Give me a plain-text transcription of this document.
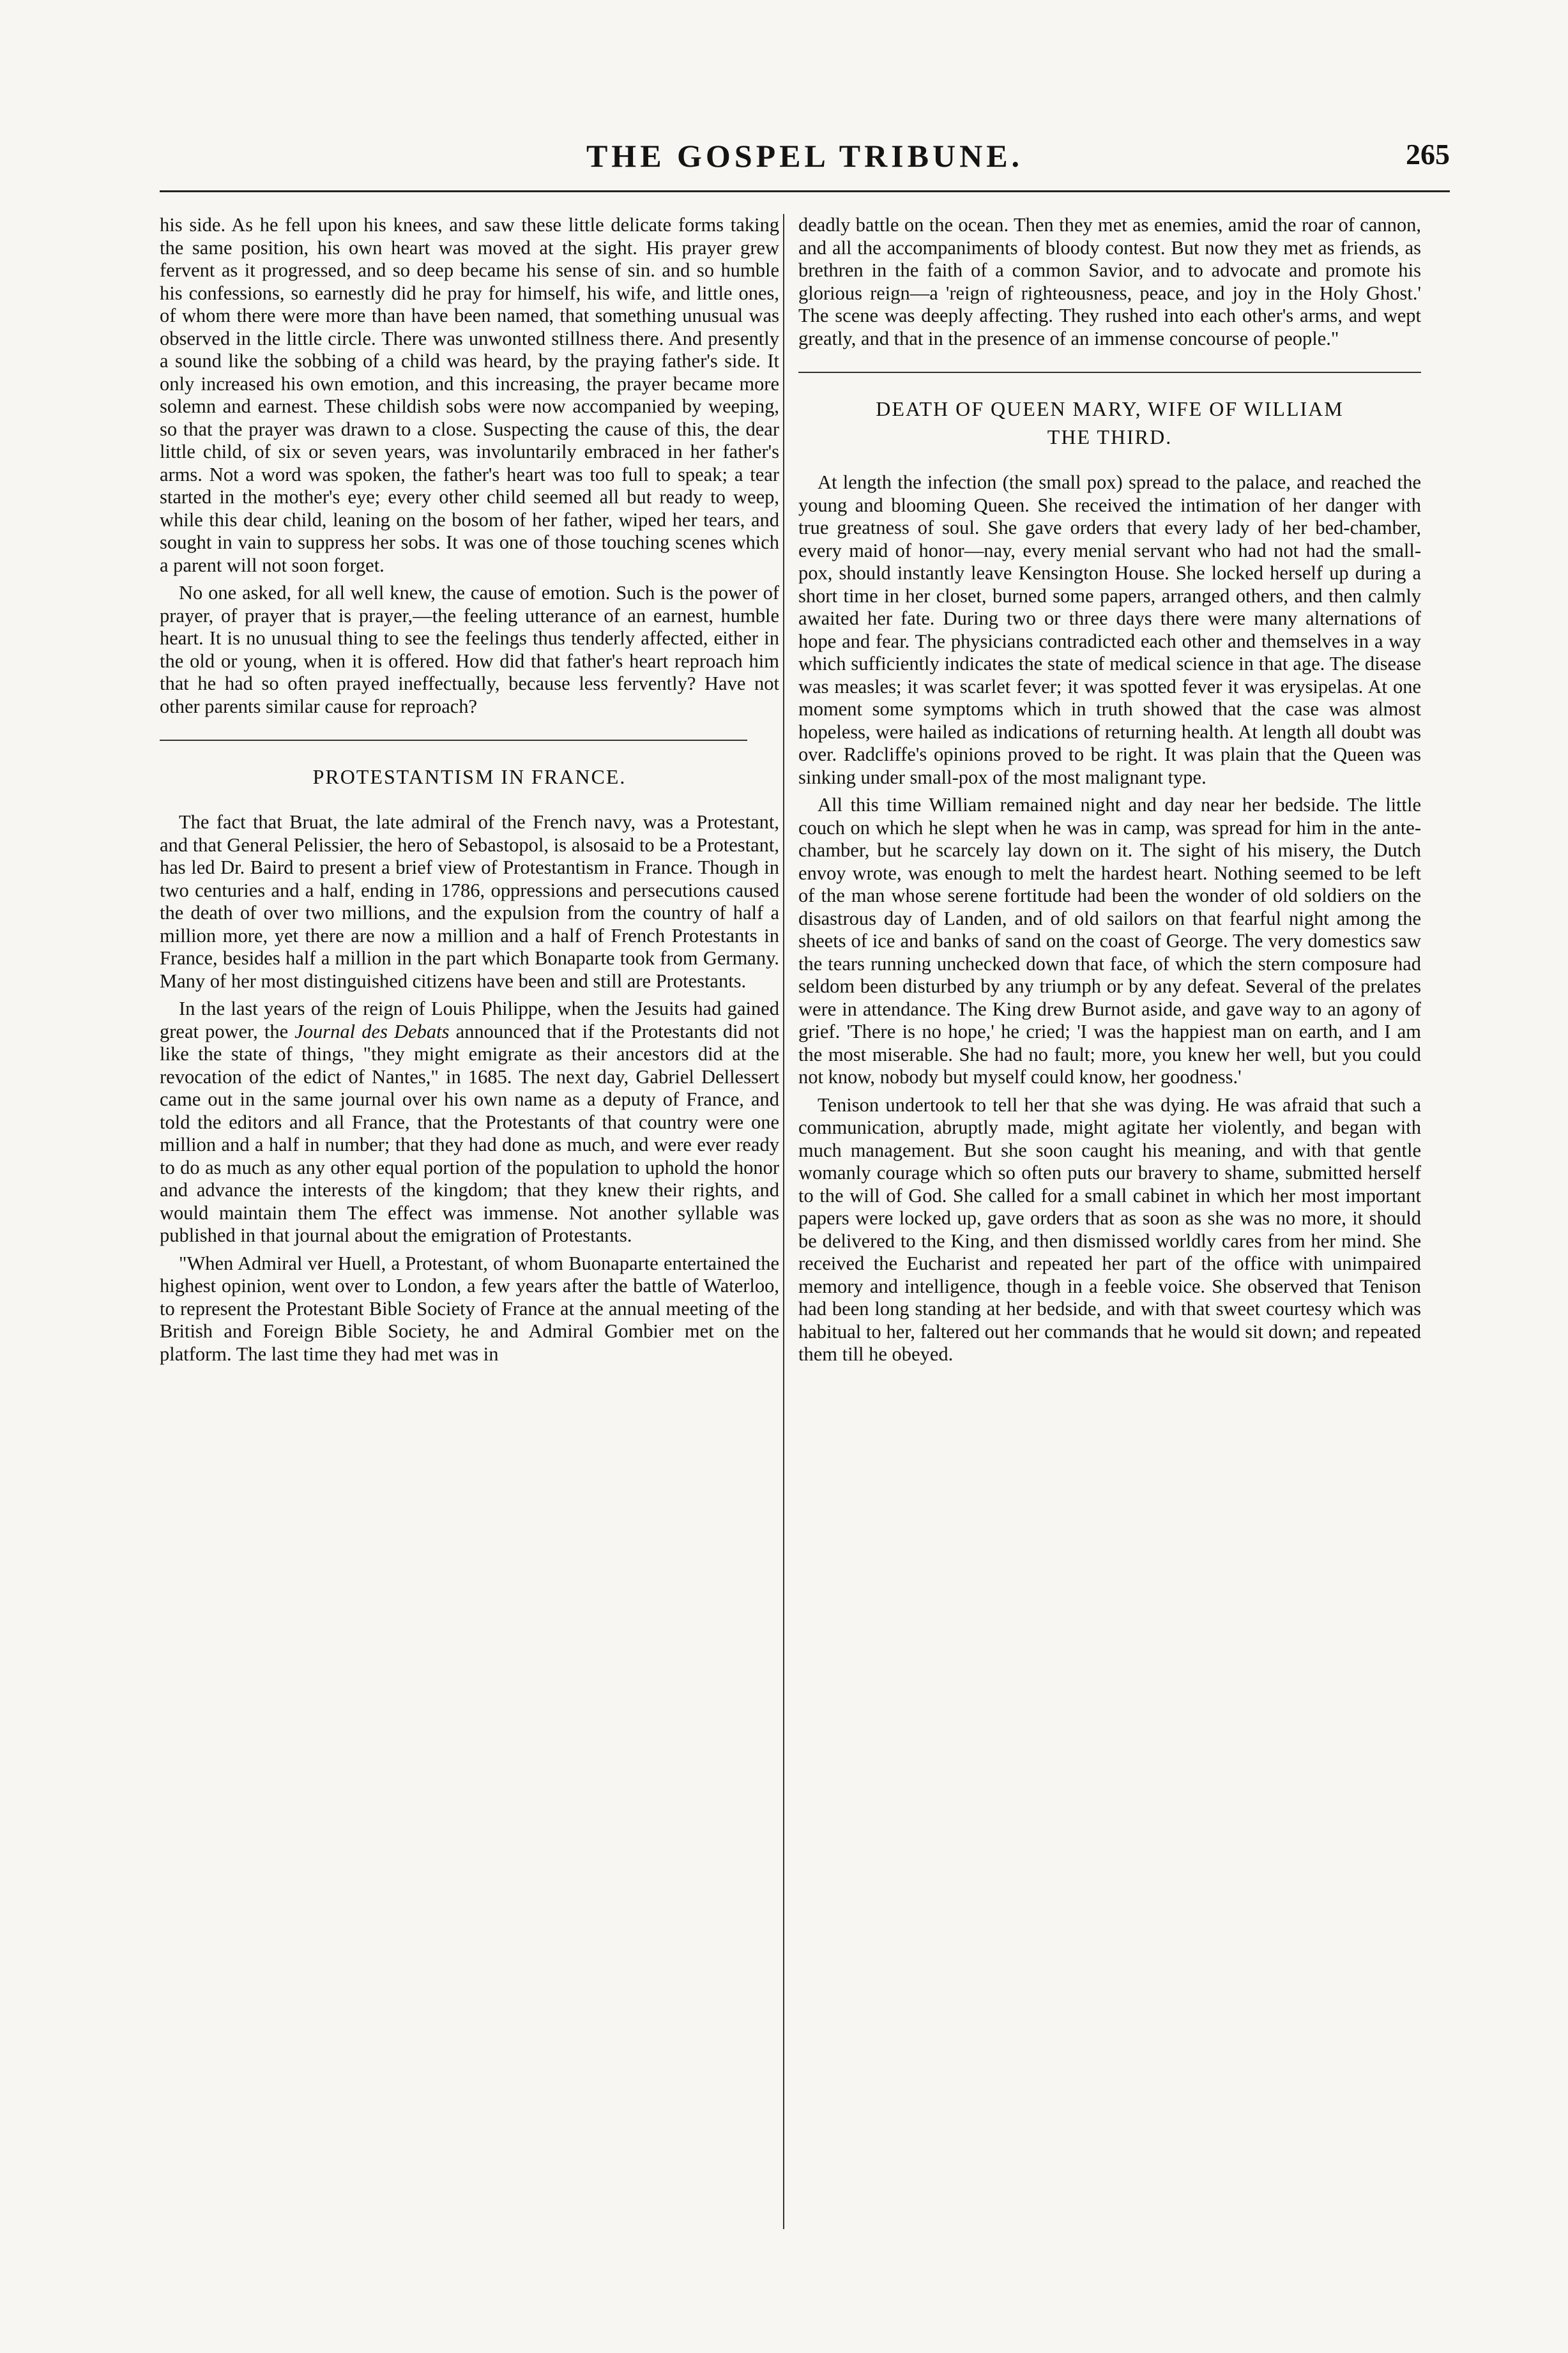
THE GOSPEL TRIBUNE.	265

his side. As he fell upon his knees, and saw these little delicate forms taking the same position, his own heart was moved at the sight. His prayer grew fervent as it progressed, and so deep became his sense of sin. and so humble his confessions, so earnestly did he pray for himself, his wife, and little ones, of whom there were more than have been named, that something unusual was observed in the little circle. There was unwonted stillness there. And presently a sound like the sobbing of a child was heard, by the praying father's side. It only increased his own emotion, and this increasing, the prayer became more solemn and earnest. These childish sobs were now accompanied by weeping, so that the prayer was drawn to a close. Suspecting the cause of this, the dear little child, of six or seven years, was involuntarily embraced in her father's arms. Not a word was spoken, the father's heart was too full to speak; a tear started in the mother's eye; every other child seemed all but ready to weep, while this dear child, leaning on the bosom of her father, wiped her tears, and sought in vain to suppress her sobs. It was one of those touching scenes which a parent will not soon forget.

No one asked, for all well knew, the cause of emotion. Such is the power of prayer, of prayer that is prayer,—the feeling utterance of an earnest, humble heart. It is no unusual thing to see the feelings thus tenderly affected, either in the old or young, when it is offered. How did that father's heart reproach him that he had so often prayed ineffectually, because less fervently? Have not other parents similar cause for reproach?

PROTESTANTISM IN FRANCE.

The fact that Bruat, the late admiral of the French navy, was a Protestant, and that General Pelissier, the hero of Sebastopol, is alsosaid to be a Protestant, has led Dr. Baird to present a brief view of Protestantism in France. Though in two centuries and a half, ending in 1786, oppressions and persecutions caused the death of over two millions, and the expulsion from the country of half a million more, yet there are now a million and a half of French Protestants in France, besides half a million in the part which Bonaparte took from Germany. Many of her most distinguished citizens have been and still are Protestants.

In the last years of the reign of Louis Philippe, when the Jesuits had gained great power, the Journal des Debats announced that if the Protestants did not like the state of things, "they might emigrate as their ancestors did at the revocation of the edict of Nantes," in 1685. The next day, Gabriel Dellessert came out in the same journal over his own name as a deputy of France, and told the editors and all France, that the Protestants of that country were one million and a half in number; that they had done as much, and were ever ready to do as much as any other equal portion of the population to uphold the honor and advance the interests of the kingdom; that they knew their rights, and would maintain them The effect was immense. Not another syllable was published in that journal about the emigration of Protestants.

"When Admiral ver Huell, a Protestant, of whom Buonaparte entertained the highest opinion, went over to London, a few years after the battle of Waterloo, to represent the Protestant Bible Society of France at the annual meeting of the British and Foreign Bible Society, he and Admiral Gombier met on the platform. The last time they had met was in

deadly battle on the ocean. Then they met as enemies, amid the roar of cannon, and all the accompaniments of bloody contest. But now they met as friends, as brethren in the faith of a common Savior, and to advocate and promote his glorious reign—a 'reign of righteousness, peace, and joy in the Holy Ghost.' The scene was deeply affecting. They rushed into each other's arms, and wept greatly, and that in the presence of an immense concourse of people."

DEATH OF QUEEN MARY, WIFE OF WILLIAM
THE THIRD.

At length the infection (the small pox) spread to the palace, and reached the young and blooming Queen. She received the intimation of her danger with true greatness of soul. She gave orders that every lady of her bed-chamber, every maid of honor—nay, every menial servant who had not had the small-pox, should instantly leave Kensington House. She locked herself up during a short time in her closet, burned some papers, arranged others, and then calmly awaited her fate. During two or three days there were many alternations of hope and fear. The physicians contradicted each other and themselves in a way which sufficiently indicates the state of medical science in that age. The disease was measles; it was scarlet fever; it was spotted fever it was erysipelas. At one moment some symptoms which in truth showed that the case was almost hopeless, were hailed as indications of returning health. At length all doubt was over. Radcliffe's opinions proved to be right. It was plain that the Queen was sinking under small-pox of the most malignant type.

All this time William remained night and day near her bedside. The little couch on which he slept when he was in camp, was spread for him in the ante-chamber, but he scarcely lay down on it. The sight of his misery, the Dutch envoy wrote, was enough to melt the hardest heart. Nothing seemed to be left of the man whose serene fortitude had been the wonder of old soldiers on the disastrous day of Landen, and of old sailors on that fearful night among the sheets of ice and banks of sand on the coast of George. The very domestics saw the tears running unchecked down that face, of which the stern composure had seldom been disturbed by any triumph or by any defeat. Several of the prelates were in attendance. The King drew Burnot aside, and gave way to an agony of grief. 'There is no hope,' he cried; 'I was the happiest man on earth, and I am the most miserable. She had no fault; more, you knew her well, but you could not know, nobody but myself could know, her goodness.'

Tenison undertook to tell her that she was dying. He was afraid that such a communication, abruptly made, might agitate her violently, and began with much management. But she soon caught his meaning, and with that gentle womanly courage which so often puts our bravery to shame, submitted herself to the will of God. She called for a small cabinet in which her most important papers were locked up, gave orders that as soon as she was no more, it should be delivered to the King, and then dismissed worldly cares from her mind. She received the Eucharist and repeated her part of the office with unimpaired memory and intelligence, though in a feeble voice. She observed that Tenison had been long standing at her bedside, and with that sweet courtesy which was habitual to her, faltered out her commands that he would sit down; and repeated them till he obeyed.
